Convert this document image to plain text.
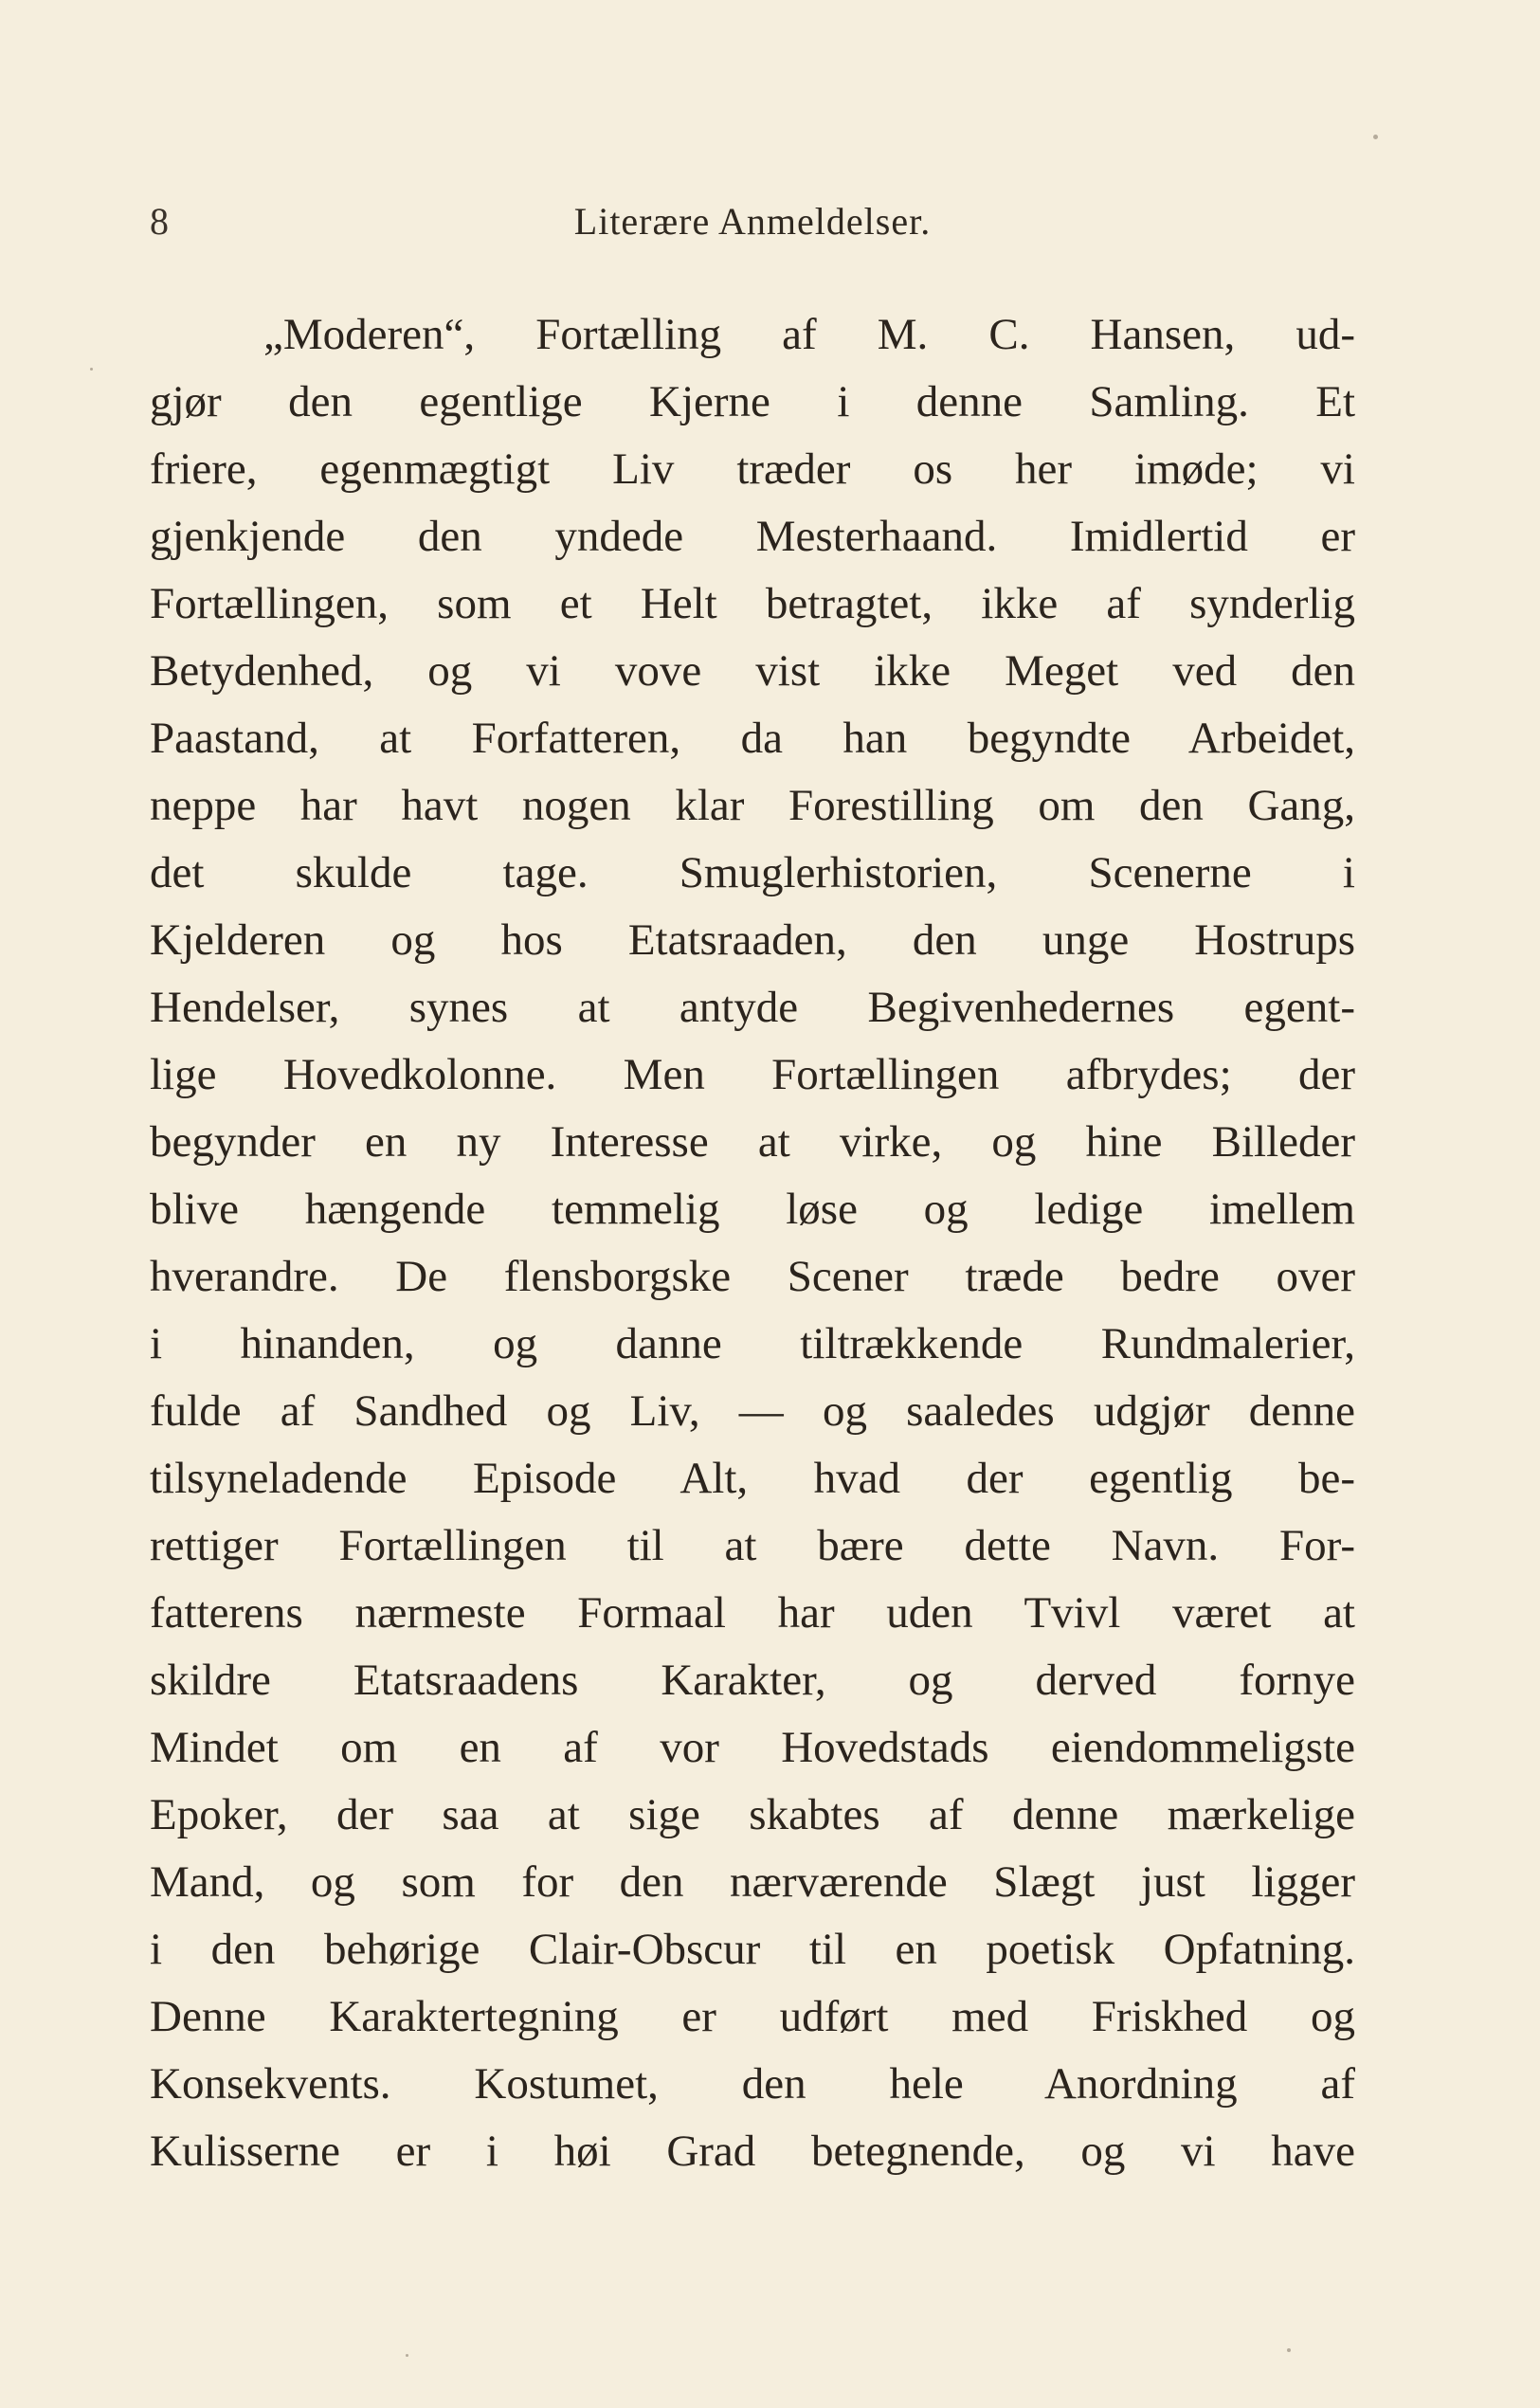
8	Literære Anmeldelser.
„Moderen“, Fortælling af M. C. Hansen, ud-
gjør den egentlige Kjerne i denne Samling. Et
friere, egenmægtigt Liv træder os her imøde; vi
gjenkjende den yndede Mesterhaand. Imidlertid er
Fortællingen, som et Helt betragtet, ikke af synderlig
Betydenhed, og vi vove vist ikke Meget ved den
Paastand, at Forfatteren, da han begyndte Arbeidet,
neppe har havt nogen klar Forestilling om den Gang,
det skulde tage. Smuglerhistorien, Scenerne i
Kjelderen og hos Etatsraaden, den unge Hostrups
Hendelser, synes at antyde Begivenhedernes egent-
lige Hovedkolonne. Men Fortællingen afbrydes; der
begynder en ny Interesse at virke, og hine Billeder
blive hængende temmelig løse og ledige imellem
hverandre. De flensborgske Scener træde bedre over
i hinanden, og danne tiltrækkende Rundmalerier,
fulde af Sandhed og Liv, — og saaledes udgjør denne
tilsyneladende Episode Alt, hvad der egentlig be-
rettiger Fortællingen til at bære dette Navn. For-
fatterens nærmeste Formaal har uden Tvivl været at
skildre Etatsraadens Karakter, og derved fornye
Mindet om en af vor Hovedstads eiendommeligste
Epoker, der saa at sige skabtes af denne mærkelige
Mand, og som for den nærværende Slægt just ligger
i den behørige Clair-Obscur til en poetisk Opfatning.
Denne Karaktertegning er udført med Friskhed og
Konsekvents. Kostumet, den hele Anordning af
Kulisserne er i høi Grad betegnende, og vi have
